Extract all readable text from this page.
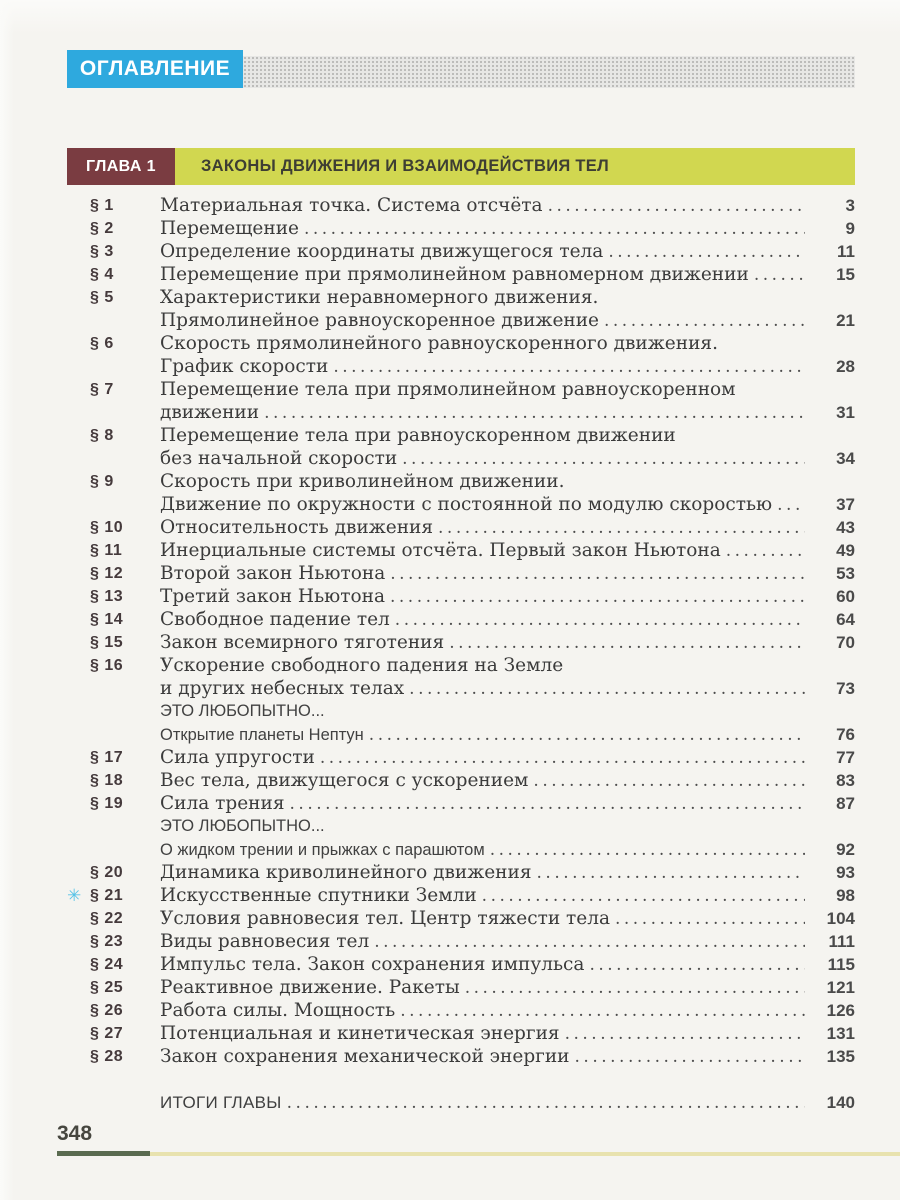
ОГЛАВЛЕНИЕ
ГЛАВА 1	ЗАКОНЫ ДВИЖЕНИЯ И ВЗАИМОДЕЙСТВИЯ ТЕЛ
§ 1	Материальная точка. Система отсчёта .....	3
§ 2	Перемещение .....	9
§ 3	Определение координаты движущегося тела .....	11
§ 4	Перемещение при прямолинейном равномерном движении .....	15
§ 5	Характеристики неравномерного движения.
Прямолинейное равноускоренное движение .....	21
§ 6	Скорость прямолинейного равноускоренного движения.
График скорости .....	28
§ 7	Перемещение тела при прямолинейном равноускоренном
движении .....	31
§ 8	Перемещение тела при равноускоренном движении
без начальной скорости .....	34
§ 9	Скорость при криволинейном движении.
Движение по окружности с постоянной по модулю скоростью .....	37
§ 10	Относительность движения .....	43
§ 11	Инерциальные системы отсчёта. Первый закон Ньютона .....	49
§ 12	Второй закон Ньютона .....	53
§ 13	Третий закон Ньютона .....	60
§ 14	Свободное падение тел .....	64
§ 15	Закон всемирного тяготения .....	70
§ 16	Ускорение свободного падения на Земле
и других небесных телах .....	73
ЭТО ЛЮБОПЫТНО...
Открытие планеты Нептун .....	76
§ 17	Сила упругости .....	77
§ 18	Вес тела, движущегося с ускорением .....	83
§ 19	Сила трения .....	87
ЭТО ЛЮБОПЫТНО...
О жидком трении и прыжках с парашютом .....	92
§ 20	Динамика криволинейного движения .....	93
✳ § 21	Искусственные спутники Земли .....	98
§ 22	Условия равновесия тел. Центр тяжести тела .....	104
§ 23	Виды равновесия тел .....	111
§ 24	Импульс тела. Закон сохранения импульса .....	115
§ 25	Реактивное движение. Ракеты .....	121
§ 26	Работа силы. Мощность .....	126
§ 27	Потенциальная и кинетическая энергия .....	131
§ 28	Закон сохранения механической энергии .....	135
ИТОГИ ГЛАВЫ .....	140
348
